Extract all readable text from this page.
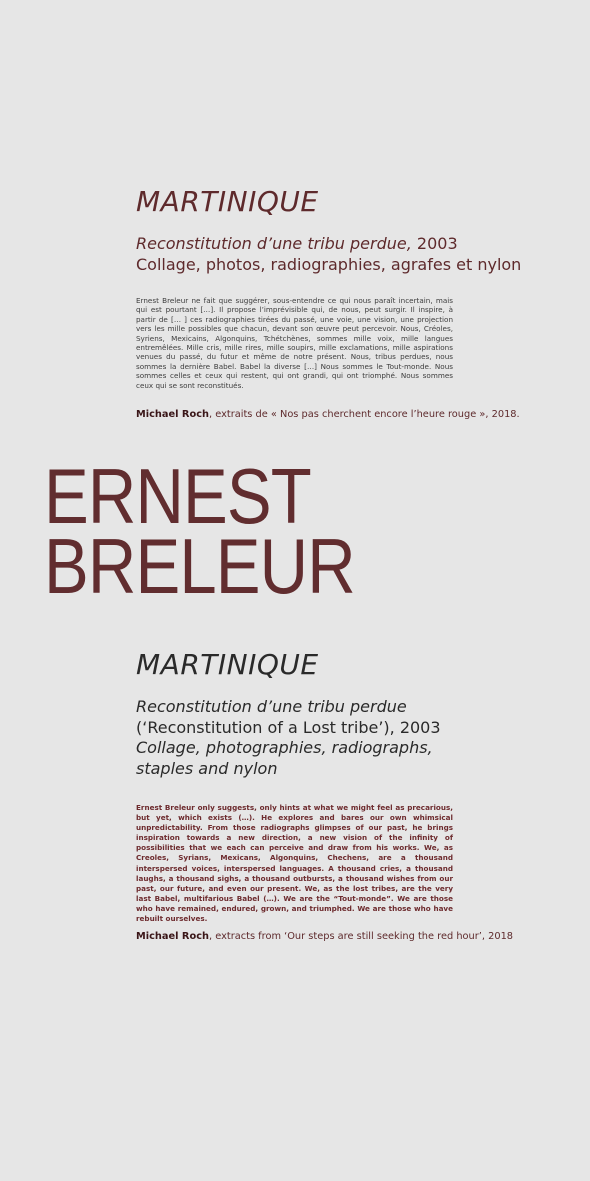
MARTINIQUE
Reconstitution d’une tribu perdue, 2003
Collage, photos, radiographies, agrafes et nylon
Ernest Breleur ne fait que suggérer, sous-entendre ce qui nous paraît incertain, mais qui est pourtant […]. Il propose l’imprévisible qui, de nous, peut surgir. Il inspire, à partir de [… ] ces radiographies tirées du passé, une voie, une vision, une projection vers les mille possibles que chacun, devant son œuvre peut percevoir. Nous, Créoles, Syriens, Mexicains, Algonquins, Tchétchènes, sommes mille voix, mille langues entremêlées. Mille cris, mille rires, mille soupirs, mille exclamations, mille aspirations venues du passé, du futur et même de notre présent. Nous, tribus perdues, nous sommes la dernière Babel. Babel la diverse […] Nous sommes le Tout-monde. Nous sommes celles et ceux qui restent, qui ont grandi, qui ont triomphé. Nous sommes ceux qui se sont reconstitués.
Michael Roch, extraits de « Nos pas cherchent encore l’heure rouge », 2018.
ERNEST
BRELEUR
MARTINIQUE
Reconstitution d’une tribu perdue
(‘Reconstitution of a Lost tribe’), 2003
Collage, photographies, radiographs,
staples and nylon
Ernest Breleur only suggests, only hints at what we might feel as precarious, but yet, which exists (…). He explores and bares our own whimsical unpredictability. From those radiographs glimpses of our past, he brings inspiration towards a new direction, a new vision of the infinity of possibilities that we each can perceive and draw from his works. We, as Creoles, Syrians, Mexicans, Algonquins, Chechens, are a thousand interspersed voices, interspersed languages. A thousand cries, a thousand laughs, a thousand sighs, a thousand outbursts, a thousand wishes from our past, our future, and even our present. We, as the lost tribes, are the very last Babel, multifarious Babel (…). We are the “Tout-monde”. We are those who have remained, endured, grown, and triumphed. We are those who have rebuilt ourselves.
Michael Roch, extracts from ‘Our steps are still seeking the red hour’, 2018
